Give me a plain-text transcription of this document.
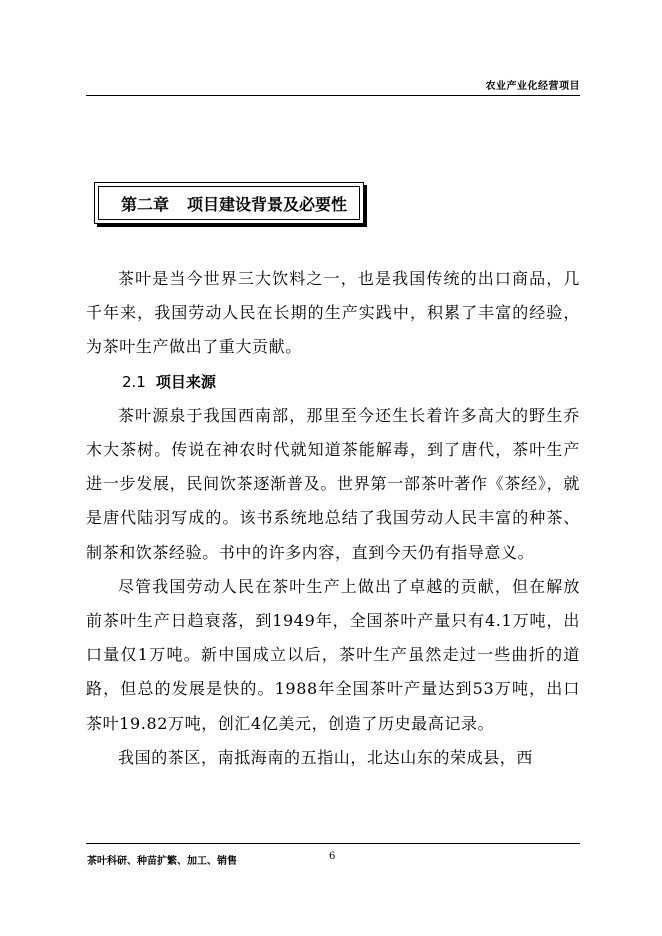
农业产业化经营项目
第二章 项目建设背景及必要性

茶叶是当今世界三大饮料之一，也是我国传统的出口商品，几千年来，我国劳动人民在长期的生产实践中，积累了丰富的经验，为茶叶生产做出了重大贡献。

2.1 项目来源

茶叶源泉于我国西南部，那里至今还生长着许多高大的野生乔木大茶树。传说在神农时代就知道茶能解毒，到了唐代，茶叶生产进一步发展，民间饮茶逐渐普及。世界第一部茶叶著作《茶经》，就是唐代陆羽写成的。该书系统地总结了我国劳动人民丰富的种茶、制茶和饮茶经验。书中的许多内容，直到今天仍有指导意义。

尽管我国劳动人民在茶叶生产上做出了卓越的贡献，但在解放前茶叶生产日趋衰落，到1949年，全国茶叶产量只有4.1万吨，出口量仅1万吨。新中国成立以后，茶叶生产虽然走过一些曲折的道路，但总的发展是快的。1988年全国茶叶产量达到53万吨，出口茶叶19.82万吨，创汇4亿美元，创造了历史最高记录。

我国的茶区，南抵海南的五指山，北达山东的荣成县，西

茶叶科研、种苗扩繁、加工、销售	6
